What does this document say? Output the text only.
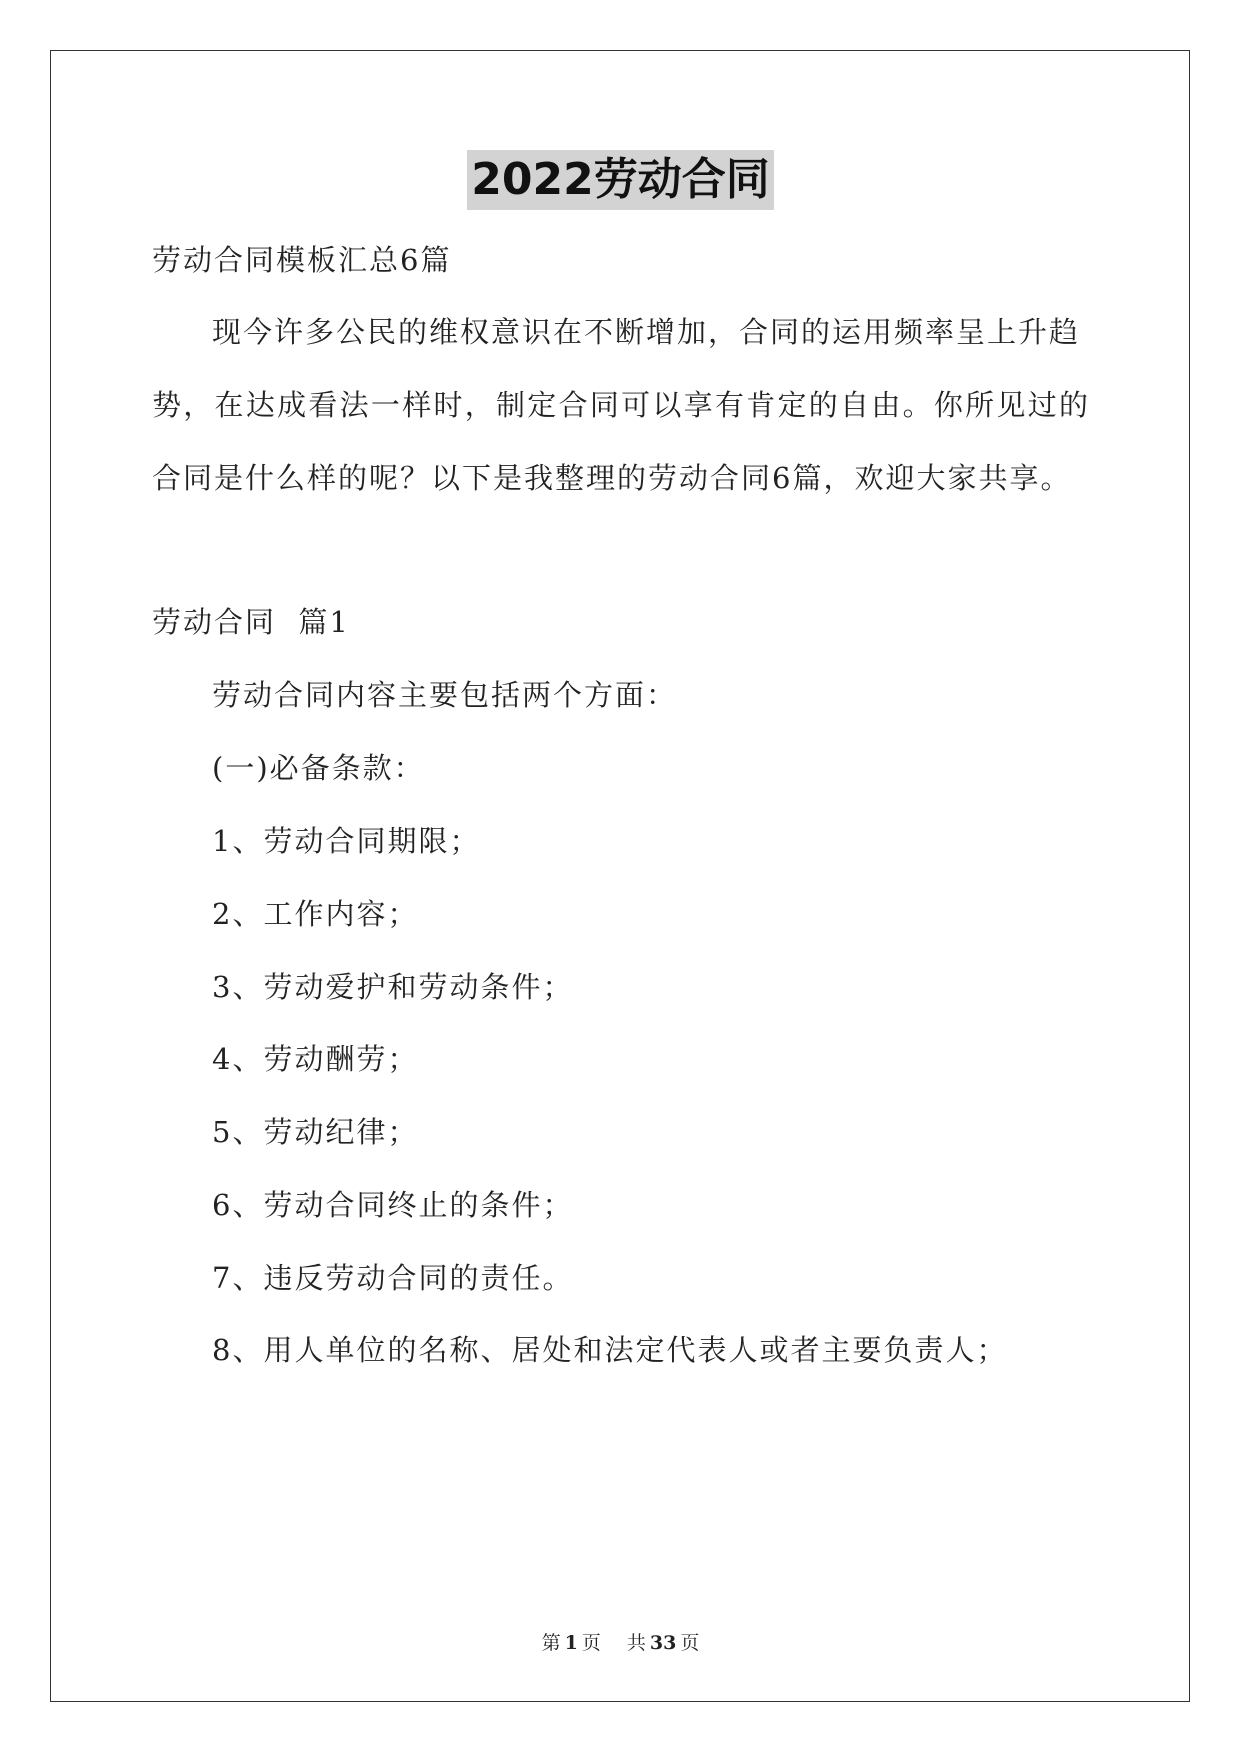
2022劳动合同
劳动合同模板汇总6篇
现今许多公民的维权意识在不断增加，合同的运用频率呈上升趋
势，在达成看法一样时，制定合同可以享有肯定的自由。你所见过的
合同是什么样的呢？以下是我整理的劳动合同6篇，欢迎大家共享。
劳动合同  篇1
劳动合同内容主要包括两个方面：
(一)必备条款：
1、劳动合同期限；
2、工作内容；
3、劳动爱护和劳动条件；
4、劳动酬劳；
5、劳动纪律；
6、劳动合同终止的条件；
7、违反劳动合同的责任。
8、用人单位的名称、居处和法定代表人或者主要负责人；
第 1 页 共 33 页
